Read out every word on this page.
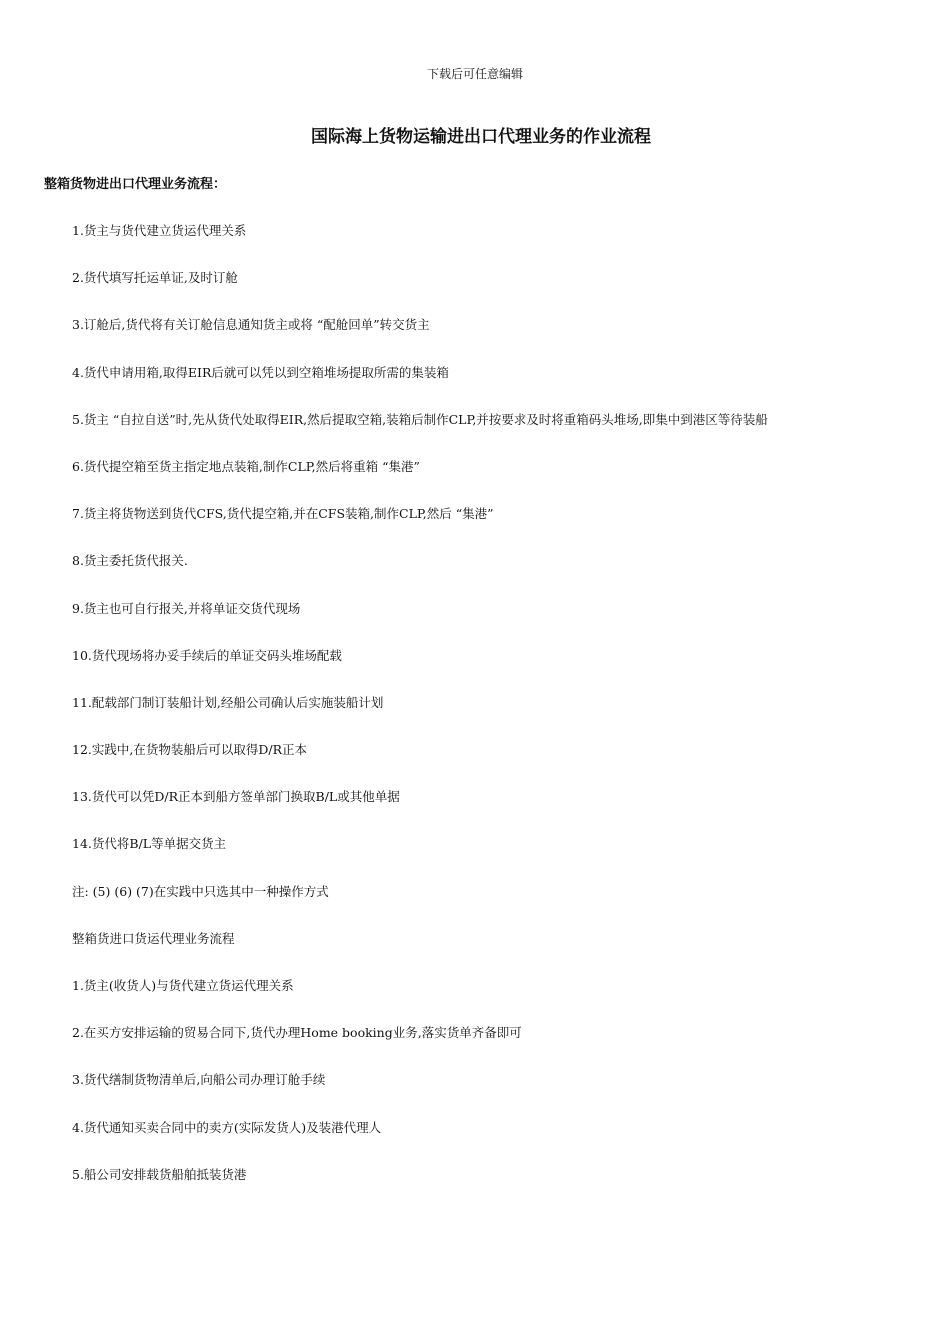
下载后可任意编辑
国际海上货物运输进出口代理业务的作业流程
整箱货物进出口代理业务流程：
1.货主与货代建立货运代理关系
2.货代填写托运单证,及时订舱
3.订舱后,货代将有关订舱信息通知货主或将 “配舱回单”转交货主
4.货代申请用箱,取得EIR后就可以凭以到空箱堆场提取所需的集装箱
5.货主 “自拉自送”时,先从货代处取得EIR,然后提取空箱,装箱后制作CLP,并按要求及时将重箱码头堆场,即集中到港区等待装船
6.货代提空箱至货主指定地点装箱,制作CLP,然后将重箱 “集港”
7.货主将货物送到货代CFS,货代提空箱,并在CFS装箱,制作CLP,然后 “集港”
8.货主委托货代报关.
9.货主也可自行报关,并将单证交货代现场
10.货代现场将办妥手续后的单证交码头堆场配载
11.配载部门制订装船计划,经船公司确认后实施装船计划
12.实践中,在货物装船后可以取得D/R正本
13.货代可以凭D/R正本到船方签单部门换取B/L或其他单据
14.货代将B/L等单据交货主
注: (5) (6) (7)在实践中只选其中一种操作方式
整箱货进口货运代理业务流程
1.货主(收货人)与货代建立货运代理关系
2.在买方安排运输的贸易合同下,货代办理Home booking业务,落实货单齐备即可
3.货代缮制货物清单后,向船公司办理订舱手续
4.货代通知买卖合同中的卖方(实际发货人)及装港代理人
5.船公司安排载货船舶抵装货港
